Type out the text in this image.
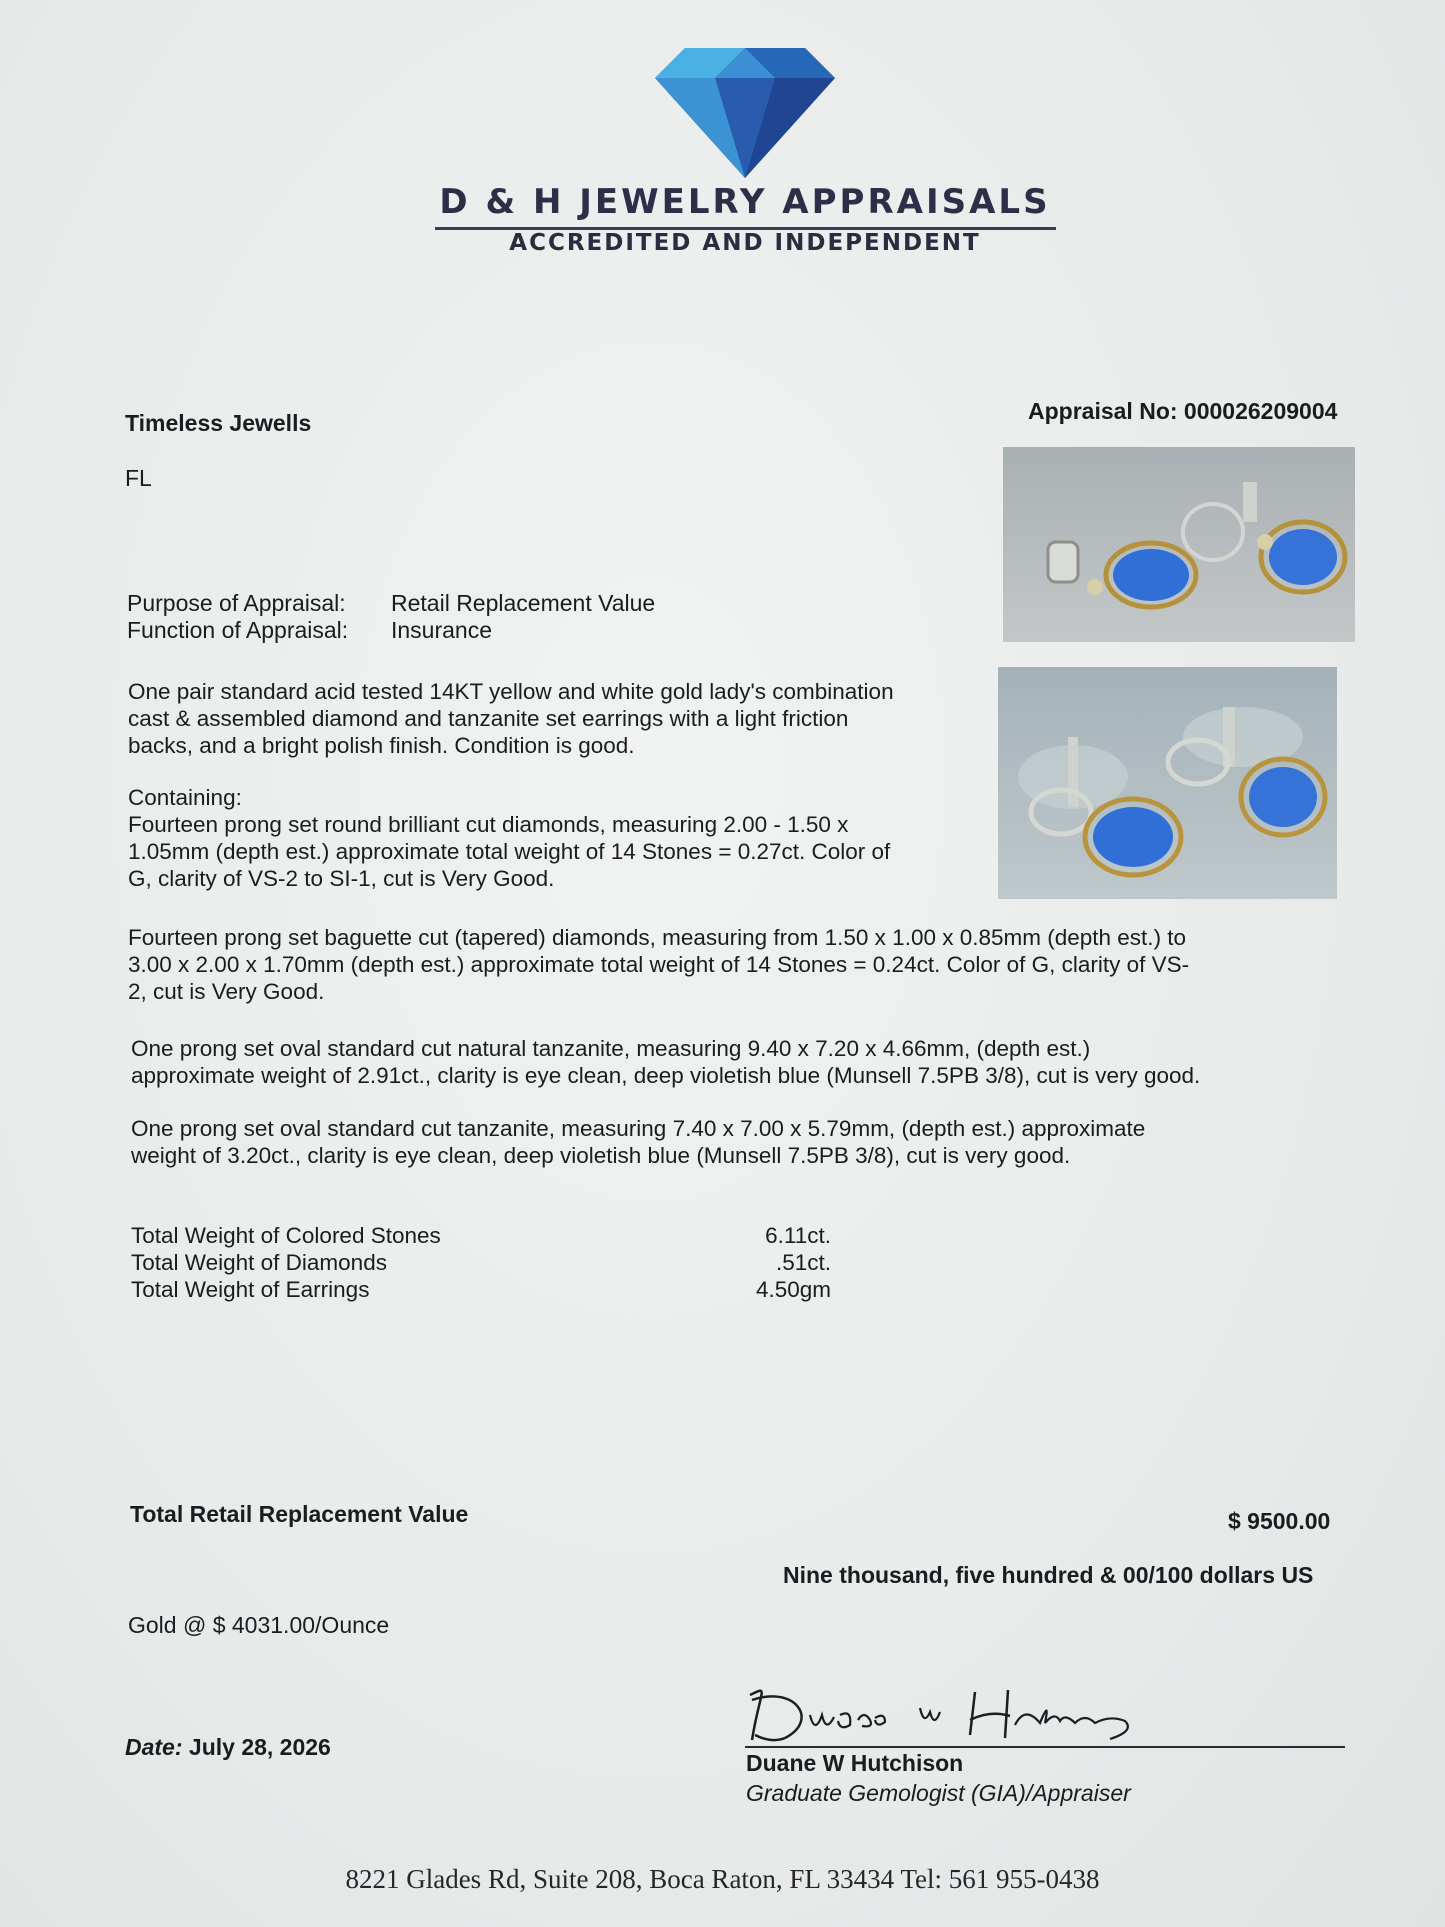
D & H JEWELRY APPRAISALS
ACCREDITED AND INDEPENDENT
Timeless Jewells
FL
Appraisal No: 000026209004
Purpose of Appraisal: Retail Replacement Value
Function of Appraisal: Insurance
One pair standard acid tested 14KT yellow and white gold lady's combination
cast & assembled diamond and tanzanite set earrings with a light friction
backs, and a bright polish finish. Condition is good.
Containing:
Fourteen prong set round brilliant cut diamonds, measuring 2.00 - 1.50 x
1.05mm (depth est.) approximate total weight of 14 Stones = 0.27ct. Color of
G, clarity of VS-2 to SI-1, cut is Very Good.
Fourteen prong set baguette cut (tapered) diamonds, measuring from 1.50 x 1.00 x 0.85mm (depth est.) to
3.00 x 2.00 x 1.70mm (depth est.) approximate total weight of 14 Stones = 0.24ct. Color of G, clarity of VS-
2, cut is Very Good.
One prong set oval standard cut natural tanzanite, measuring 9.40 x 7.20 x 4.66mm, (depth est.)
approximate weight of 2.91ct., clarity is eye clean, deep violetish blue (Munsell 7.5PB 3/8), cut is very good.
One prong set oval standard cut tanzanite, measuring 7.40 x 7.00 x 5.79mm, (depth est.) approximate
weight of 3.20ct., clarity is eye clean, deep violetish blue (Munsell 7.5PB 3/8), cut is very good.
Total Weight of Colored Stones	6.11ct.
Total Weight of Diamonds	.51ct.
Total Weight of Earrings	4.50gm
Total Retail Replacement Value	$ 9500.00
Nine thousand, five hundred & 00/100 dollars US
Gold @ $ 4031.00/Ounce
Date: July 28, 2026
Duane W Hutchison
Graduate Gemologist (GIA)/Appraiser
8221 Glades Rd, Suite 208, Boca Raton, FL 33434 Tel: 561 955-0438
